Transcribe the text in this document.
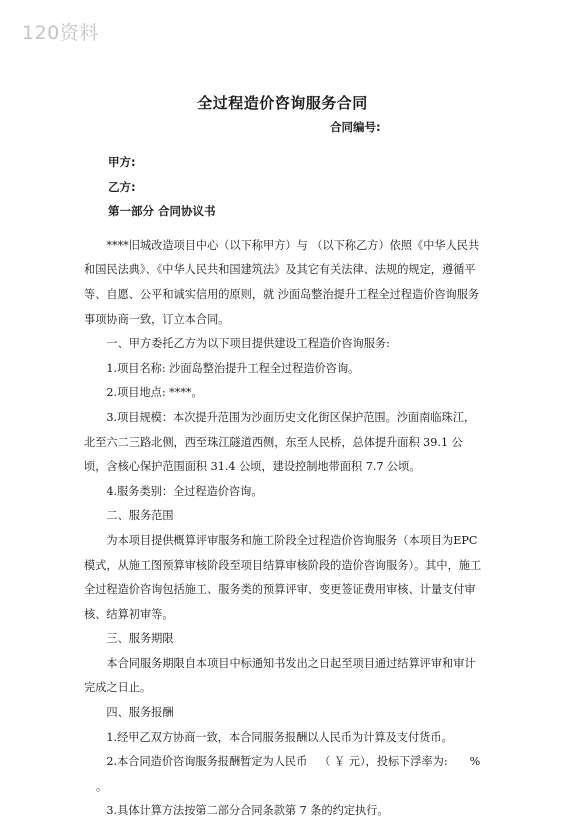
120资料
全过程造价咨询服务合同
合同编号:

甲方:

乙方:

第一部分 合同协议书

****旧城改造项目中心（以下称甲方）与 （以下称乙方）依照《中华人民共和国民法典》、《中华人民共和国建筑法》及其它有关法律、法规的规定，遵循平等、自愿、公平和诚实信用的原则，就 沙面岛整治提升工程全过程造价咨询服务事项协商一致，订立本合同。

一、甲方委托乙方为以下项目提供建设工程造价咨询服务:

1.项目名称: 沙面岛整治提升工程全过程造价咨询。

2.项目地点: ****。

3.项目规模：本次提升范围为沙面历史文化街区保护范围。沙面南临珠江，北至六二三路北侧，西至珠江隧道西侧，东至人民桥，总体提升面积 39.1 公顷，含核心保护范围面积 31.4 公顷，建设控制地带面积 7.7 公顷。

4.服务类别：全过程造价咨询。

二、服务范围

为本项目提供概算评审服务和施工阶段全过程造价咨询服务（本项目为EPC 模式，从施工图预算审核阶段至项目结算审核阶段的造价咨询服务）。其中，施工全过程造价咨询包括施工、服务类的预算评审、变更签证费用审核、计量支付审核、结算初审等。

三、服务期限

本合同服务期限自本项目中标通知书发出之日起至项目通过结算评审和审计完成之日止。

四、服务报酬

1.经甲乙双方协商一致，本合同服务报酬以人民币为计算及支付货币。

2.本合同造价咨询服务报酬暂定为人民币 （ ￥ 元），投标下浮率为: %。

3.具体计算方法按第二部分合同条款第 7 条的约定执行。
